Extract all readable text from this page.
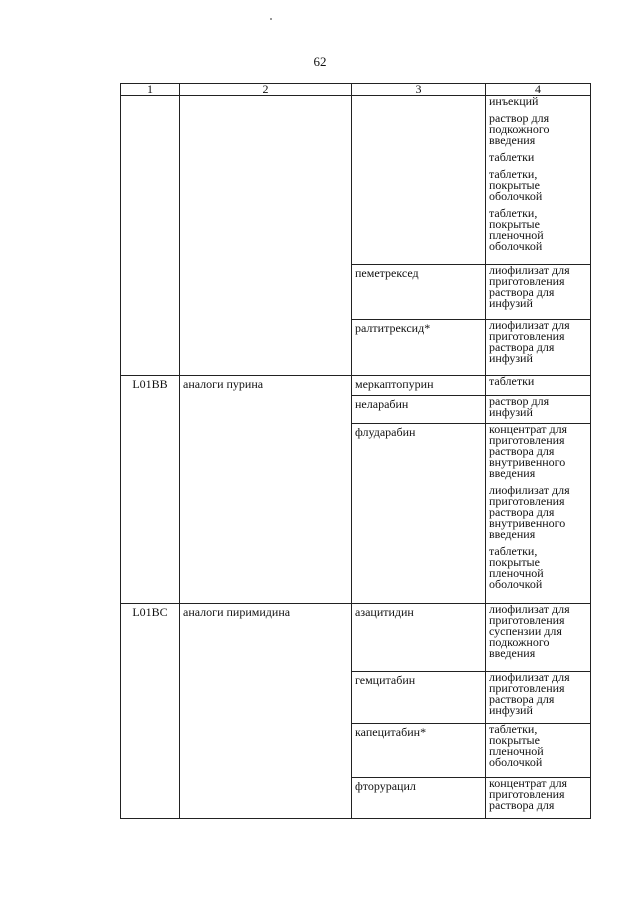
62
1	2	3	4

			инъекций
раствор для подкожного введения
таблетки
таблетки, покрытые оболочкой
таблетки, покрытые пленочной оболочкой

		пеметрексед	лиофилизат для приготовления раствора для инфузий

		ралтитрексид*	лиофилизат для приготовления раствора для инфузий

L01BB	аналоги пурина	меркаптопурин	таблетки

		неларабин	раствор для инфузий

		флударабин	концентрат для приготовления раствора для внутривенного введения
лиофилизат для приготовления раствора для внутривенного введения
таблетки, покрытые пленочной оболочкой

L01BC	аналоги пиримидина	азацитидин	лиофилизат для приготовления суспензии для подкожного введения

		гемцитабин	лиофилизат для приготовления раствора для инфузий

		капецитабин*	таблетки, покрытые пленочной оболочкой

		фторурацил	концентрат для приготовления раствора для
